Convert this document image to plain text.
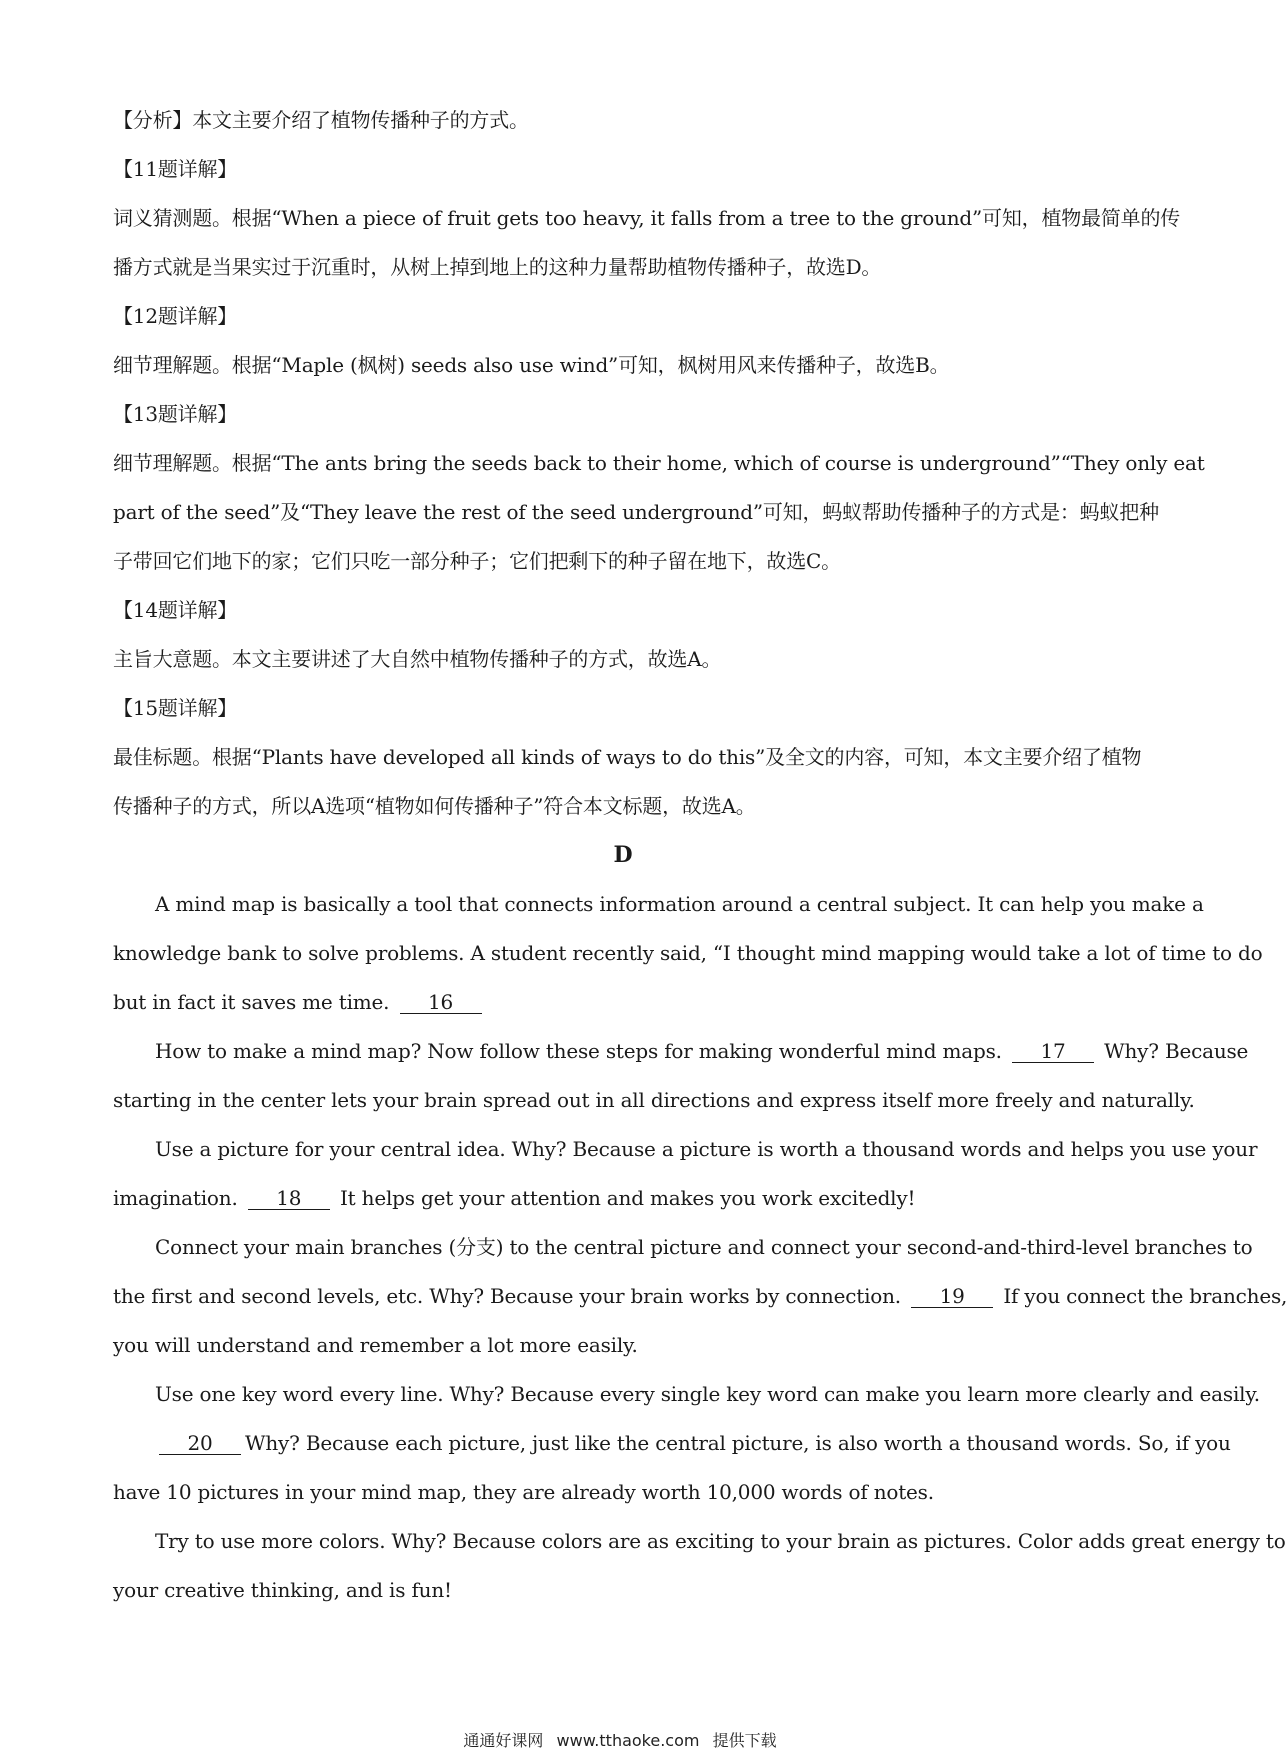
【分析】本文主要介绍了植物传播种子的方式。
【11题详解】
词义猜测题。根据“When a piece of fruit gets too heavy, it falls from a tree to the ground”可知，植物最简单的传
播方式就是当果实过于沉重时，从树上掉到地上的这种力量帮助植物传播种子，故选D。
【12题详解】
细节理解题。根据“Maple (枫树) seeds also use wind”可知，枫树用风来传播种子，故选B。
【13题详解】
细节理解题。根据“The ants bring the seeds back to their home, which of course is underground”“They only eat
part of the seed”及“They leave the rest of the seed underground”可知，蚂蚁帮助传播种子的方式是：蚂蚁把种
子带回它们地下的家；它们只吃一部分种子；它们把剩下的种子留在地下，故选C。
【14题详解】
主旨大意题。本文主要讲述了大自然中植物传播种子的方式，故选A。
【15题详解】
最佳标题。根据“Plants have developed all kinds of ways to do this”及全文的内容，可知，本文主要介绍了植物
传播种子的方式，所以A选项“植物如何传播种子”符合本文标题，故选A。
D
A mind map is basically a tool that connects information around a central subject. It can help you make a
knowledge bank to solve problems. A student recently said, “I thought mind mapping would take a lot of time to do
but in fact it saves me time. 16
How to make a mind map? Now follow these steps for making wonderful mind maps. 17 Why? Because
starting in the center lets your brain spread out in all directions and express itself more freely and naturally.
Use a picture for your central idea. Why? Because a picture is worth a thousand words and helps you use your
imagination. 18 It helps get your attention and makes you work excitedly!
Connect your main branches (分支) to the central picture and connect your second-and-third-level branches to
the first and second levels, etc. Why? Because your brain works by connection. 19 If you connect the branches,
you will understand and remember a lot more easily.
Use one key word every line. Why? Because every single key word can make you learn more clearly and easily.
20 Why? Because each picture, just like the central picture, is also worth a thousand words. So, if you
have 10 pictures in your mind map, they are already worth 10,000 words of notes.
Try to use more colors. Why? Because colors are as exciting to your brain as pictures. Color adds great energy to
your creative thinking, and is fun!
通通好课网 www.tthaoke.com 提供下载
